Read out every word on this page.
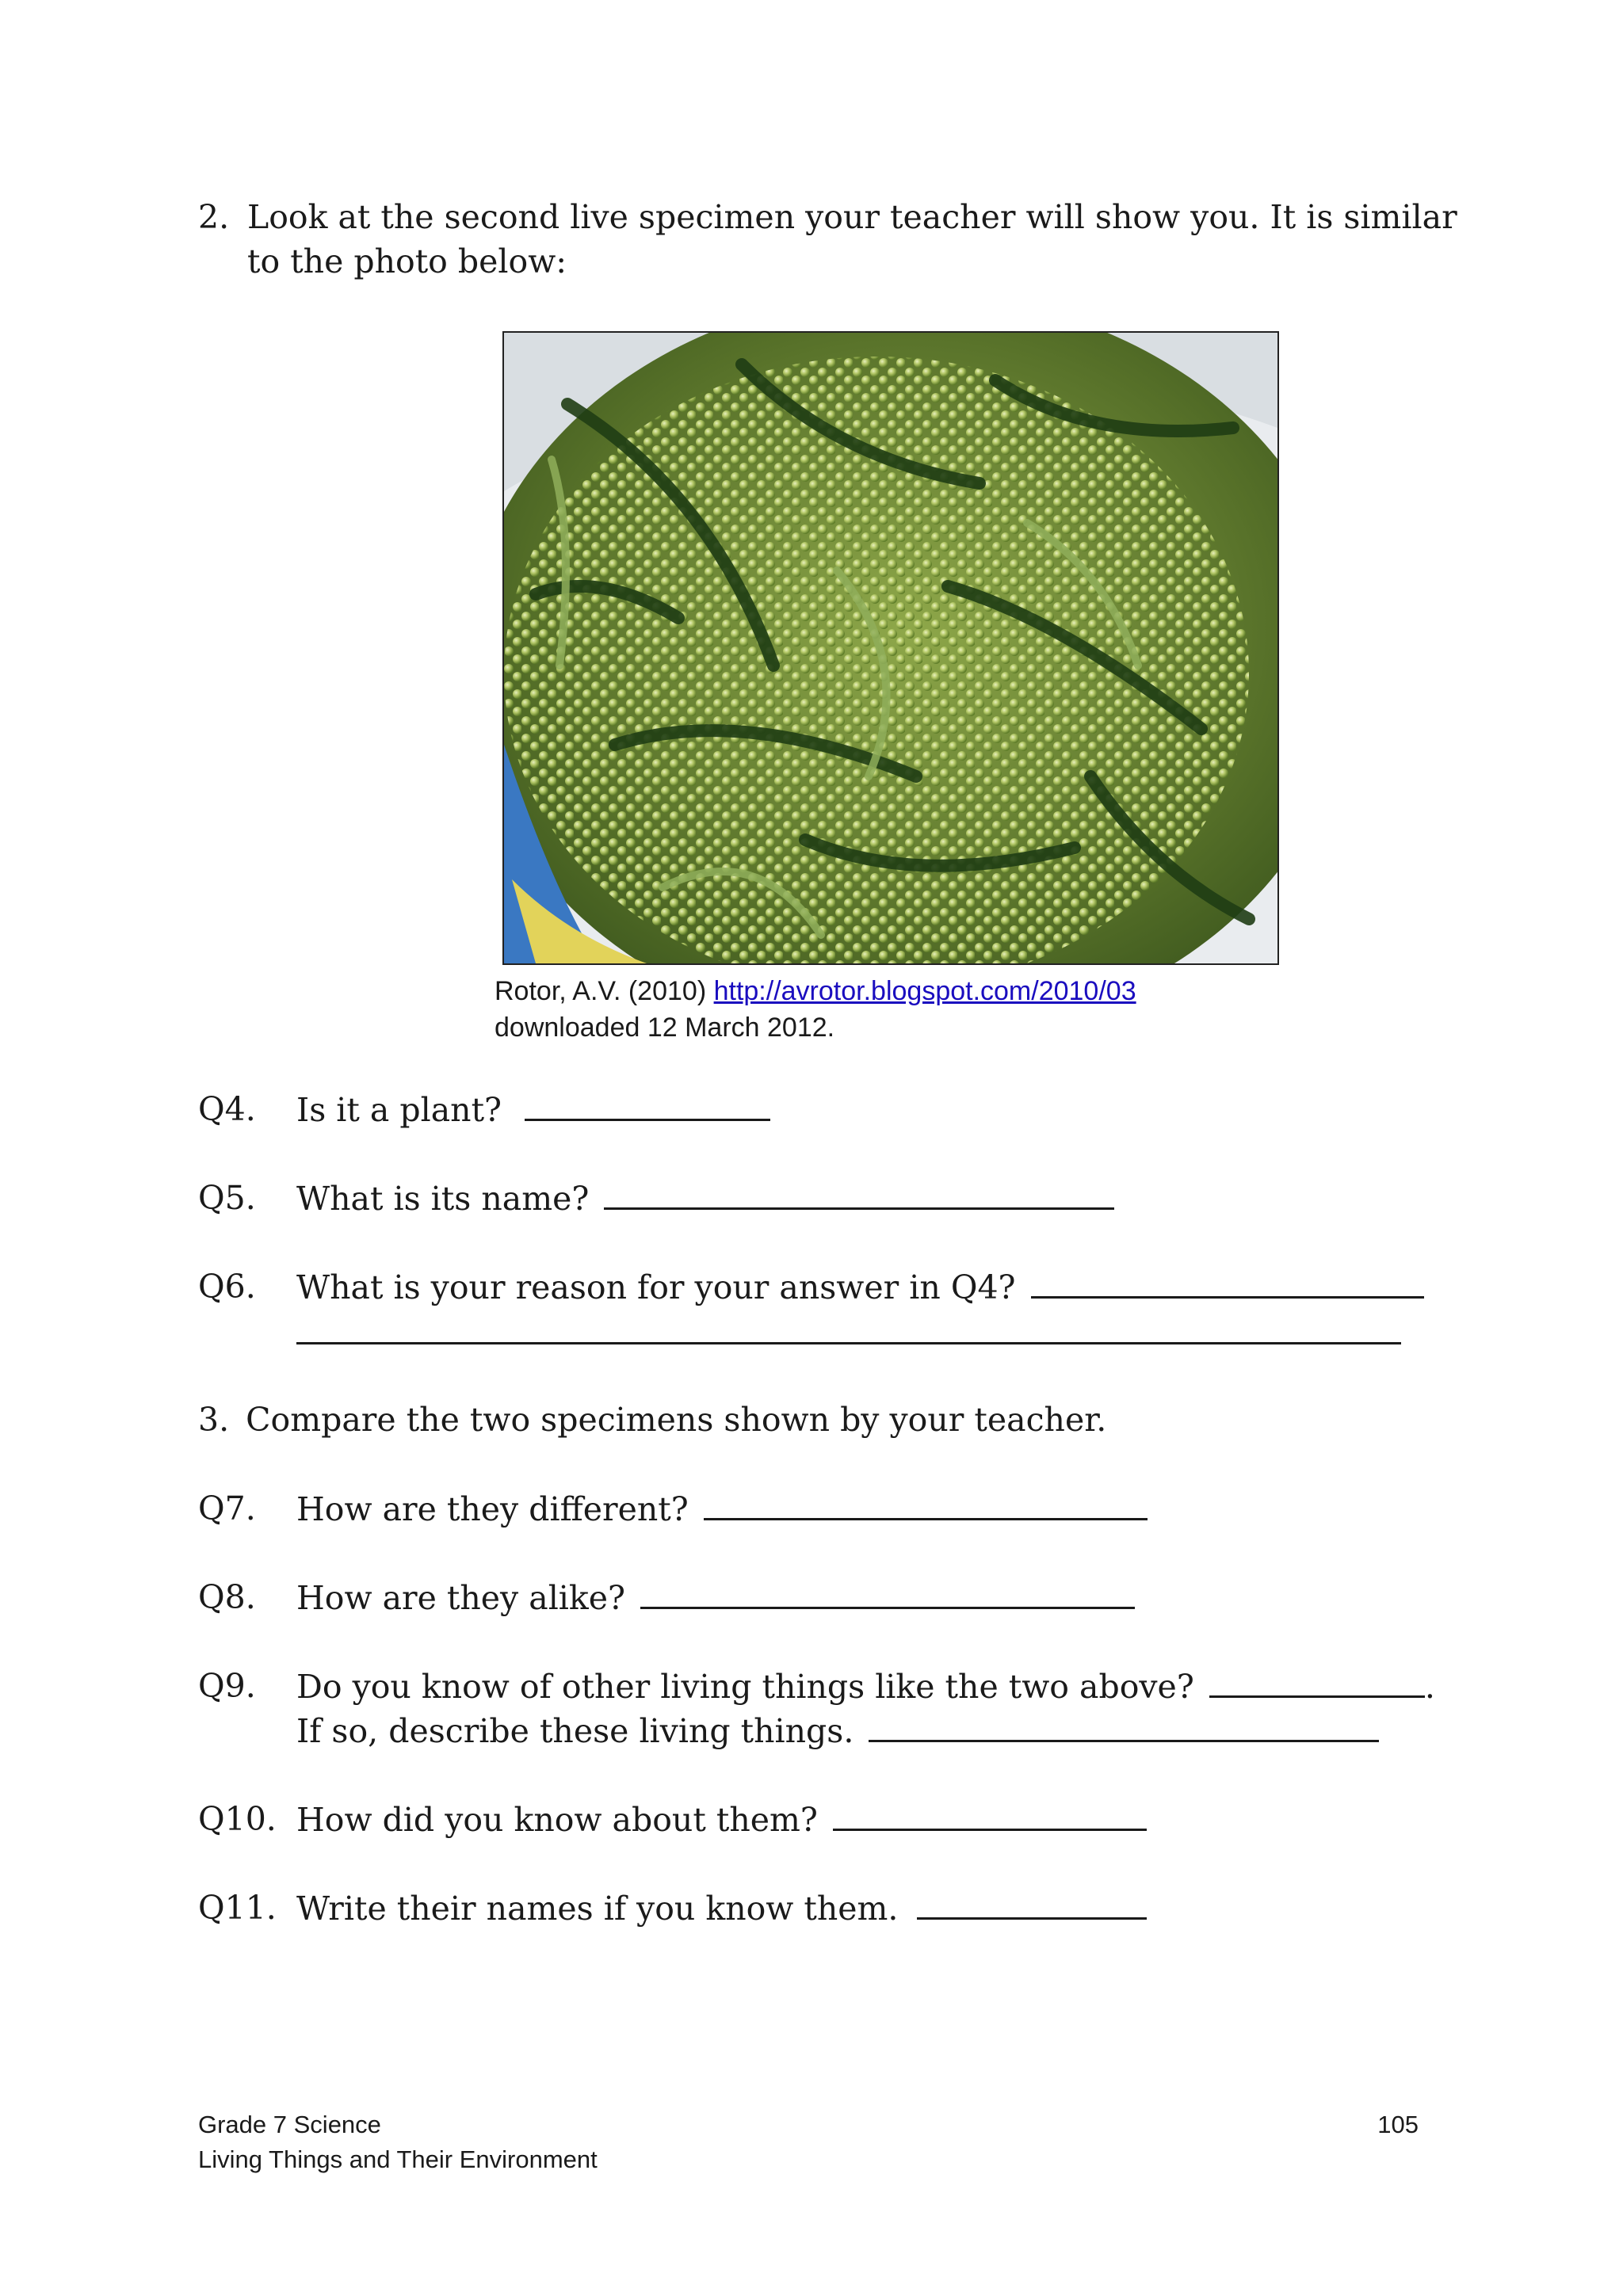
2. Look at the second live specimen your teacher will show you. It is similar
to the photo below:
Rotor, A.V. (2010) http://avrotor.blogspot.com/2010/03
downloaded 12 March 2012.
Q4. Is it a plant?
Q5. What is its name?
Q6. What is your reason for your answer in Q4?
3. Compare the two specimens shown by your teacher.
Q7. How are they different?
Q8. How are they alike?
Q9. Do you know of other living things like the two above?	.
If so, describe these living things.
Q10. How did you know about them?
Q11. Write their names if you know them.
Grade 7 Science
Living Things and Their Environment
105
